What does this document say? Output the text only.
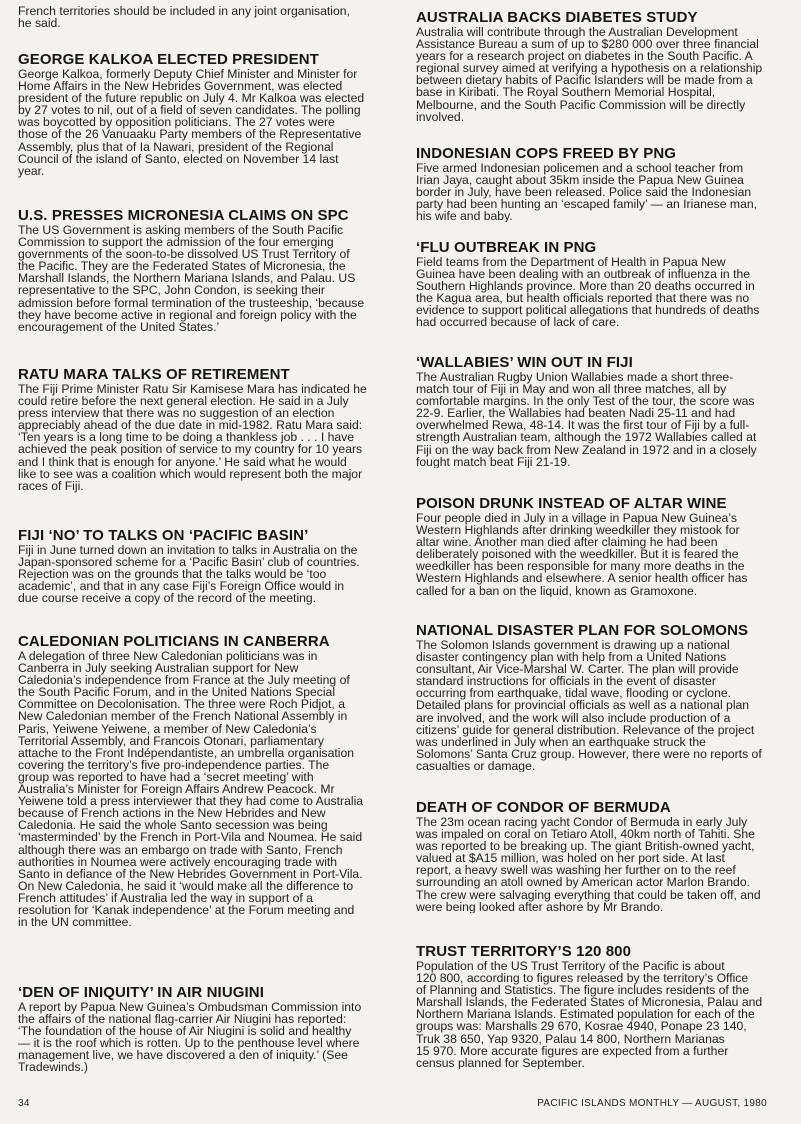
French territories should be included in any joint organisation,
he said.

GEORGE KALKOA ELECTED PRESIDENT

George Kalkoa, formerly Deputy Chief Minister and Minister for
Home Affairs in the New Hebrides Government, was elected
president of the future republic on July 4. Mr Kalkoa was elected
by 27 votes to nil, out of a field of seven candidates. The polling
was boycotted by opposition politicians. The 27 votes were
those of the 26 Vanuaaku Party members of the Representative
Assembly, plus that of Ia Nawari, president of the Regional
Council of the island of Santo, elected on November 14 last
year.

U.S. PRESSES MICRONESIA CLAIMS ON SPC

The US Government is asking members of the South Pacific
Commission to support the admission of the four emerging
governments of the soon-to-be dissolved US Trust Territory of
the Pacific. They are the Federated States of Micronesia, the
Marshall Islands, the Northern Mariana Islands, and Palau. US
representative to the SPC, John Condon, is seeking their
admission before formal termination of the trusteeship, ‘because
they have become active in regional and foreign policy with the
encouragement of the United States.’

RATU MARA TALKS OF RETIREMENT

The Fiji Prime Minister Ratu Sir Kamisese Mara has indicated he
could retire before the next general election. He said in a July
press interview that there was no suggestion of an election
appreciably ahead of the due date in mid-1982. Ratu Mara said:
‘Ten years is a long time to be doing a thankless job . . . I have
achieved the peak position of service to my country for 10 years
and I think that is enough for anyone.’ He said what he would
like to see was a coalition which would represent both the major
races of Fiji.

FIJI ‘NO’ TO TALKS ON ‘PACIFIC BASIN’

Fiji in June turned down an invitation to talks in Australia on the
Japan-sponsored scheme for a ‘Pacific Basin’ club of countries.
Rejection was on the grounds that the talks would be ‘too
academic’, and that in any case Fiji’s Foreign Office would in
due course receive a copy of the record of the meeting.

CALEDONIAN POLITICIANS IN CANBERRA

A delegation of three New Caledonian politicians was in
Canberra in July seeking Australian support for New
Caledonia’s independence from France at the July meeting of
the South Pacific Forum, and in the United Nations Special
Committee on Decolonisation. The three were Roch Pidjot, a
New Caledonian member of the French National Assembly in
Paris, Yeiwene Yeiwene, a member of New Caledonia’s
Territorial Assembly, and Francois Otonari, parliamentary
attache to the Front Indépendantiste, an umbrella organisation
covering the territory’s five pro-independence parties. The
group was reported to have had a ‘secret meeting’ with
Australia’s Minister for Foreign Affairs Andrew Peacock. Mr
Yeiwene told a press interviewer that they had come to Australia
because of French actions in the New Hebrides and New
Caledonia. He said the whole Santo secession was being
‘masterminded’ by the French in Port-Vila and Noumea. He said
although there was an embargo on trade with Santo, French
authorities in Noumea were actively encouraging trade with
Santo in defiance of the New Hebrides Government in Port-Vila.
On New Caledonia, he said it ‘would make all the difference to
French attitudes’ if Australia led the way in support of a
resolution for ‘Kanak independence’ at the Forum meeting and
in the UN committee.

‘DEN OF INIQUITY’ IN AIR NIUGINI

A report by Papua New Guinea’s Ombudsman Commission into
the affairs of the national flag-carrier Air Niugini has reported:
‘The foundation of the house of Air Niugini is solid and healthy
— it is the roof which is rotten. Up to the penthouse level where
management live, we have discovered a den of iniquity.’ (See
Tradewinds.)

AUSTRALIA BACKS DIABETES STUDY

Australia will contribute through the Australian Development
Assistance Bureau a sum of up to $280 000 over three financial
years for a research project on diabetes in the South Pacific. A
regional survey aimed at verifying a hypothesis on a relationship
between dietary habits of Pacific Islanders will be made from a
base in Kiribati. The Royal Southern Memorial Hospital,
Melbourne, and the South Pacific Commission will be directly
involved.

INDONESIAN COPS FREED BY PNG

Five armed Indonesian policemen and a school teacher from
Irian Jaya, caught about 35km inside the Papua New Guinea
border in July, have been released. Police said the Indonesian
party had been hunting an ‘escaped family’ — an Irianese man,
his wife and baby.

‘FLU OUTBREAK IN PNG

Field teams from the Department of Health in Papua New
Guinea have been dealing with an outbreak of influenza in the
Southern Highlands province. More than 20 deaths occurred in
the Kagua area, but health officials reported that there was no
evidence to support political allegations that hundreds of deaths
had occurred because of lack of care.

‘WALLABIES’ WIN OUT IN FIJI

The Australian Rugby Union Wallabies made a short three-
match tour of Fiji in May and won all three matches, all by
comfortable margins. In the only Test of the tour, the score was
22-9. Earlier, the Wallabies had beaten Nadi 25-11 and had
overwhelmed Rewa, 48-14. It was the first tour of Fiji by a full-
strength Australian team, although the 1972 Wallabies called at
Fiji on the way back from New Zealand in 1972 and in a closely
fought match beat Fiji 21-19.

POISON DRUNK INSTEAD OF ALTAR WINE

Four people died in July in a village in Papua New Guinea’s
Western Highlands after drinking weedkiller they mistook for
altar wine. Another man died after claiming he had been
deliberately poisoned with the weedkiller. But it is feared the
weedkiller has been responsible for many more deaths in the
Western Highlands and elsewhere. A senior health officer has
called for a ban on the liquid, known as Gramoxone.

NATIONAL DISASTER PLAN FOR SOLOMONS

The Solomon Islands government is drawing up a national
disaster contingency plan with help from a United Nations
consultant, Air Vice-Marshal W. Carter. The plan will provide
standard instructions for officials in the event of disaster
occurring from earthquake, tidal wave, flooding or cyclone.
Detailed plans for provincial officials as well as a national plan
are involved, and the work will also include production of a
citizens’ guide for general distribution. Relevance of the project
was underlined in July when an earthquake struck the
Solomons’ Santa Cruz group. However, there were no reports of
casualties or damage.

DEATH OF CONDOR OF BERMUDA

The 23m ocean racing yacht Condor of Bermuda in early July
was impaled on coral on Tetiaro Atoll, 40km north of Tahiti. She
was reported to be breaking up. The giant British-owned yacht,
valued at $A15 million, was holed on her port side. At last
report, a heavy swell was washing her further on to the reef
surrounding an atoll owned by American actor Marlon Brando.
The crew were salvaging everything that could be taken off, and
were being looked after ashore by Mr Brando.

TRUST TERRITORY’S 120 800

Population of the US Trust Territory of the Pacific is about
120 800, according to figures released by the territory’s Office
of Planning and Statistics. The figure includes residents of the
Marshall Islands, the Federated States of Micronesia, Palau and
Northern Mariana Islands. Estimated population for each of the
groups was: Marshalls 29 670, Kosrae 4940, Ponape 23 140,
Truk 38 650, Yap 9320, Palau 14 800, Northern Marianas
15 970. More accurate figures are expected from a further
census planned for September.

34	PACIFIC ISLANDS MONTHLY — AUGUST, 1980
